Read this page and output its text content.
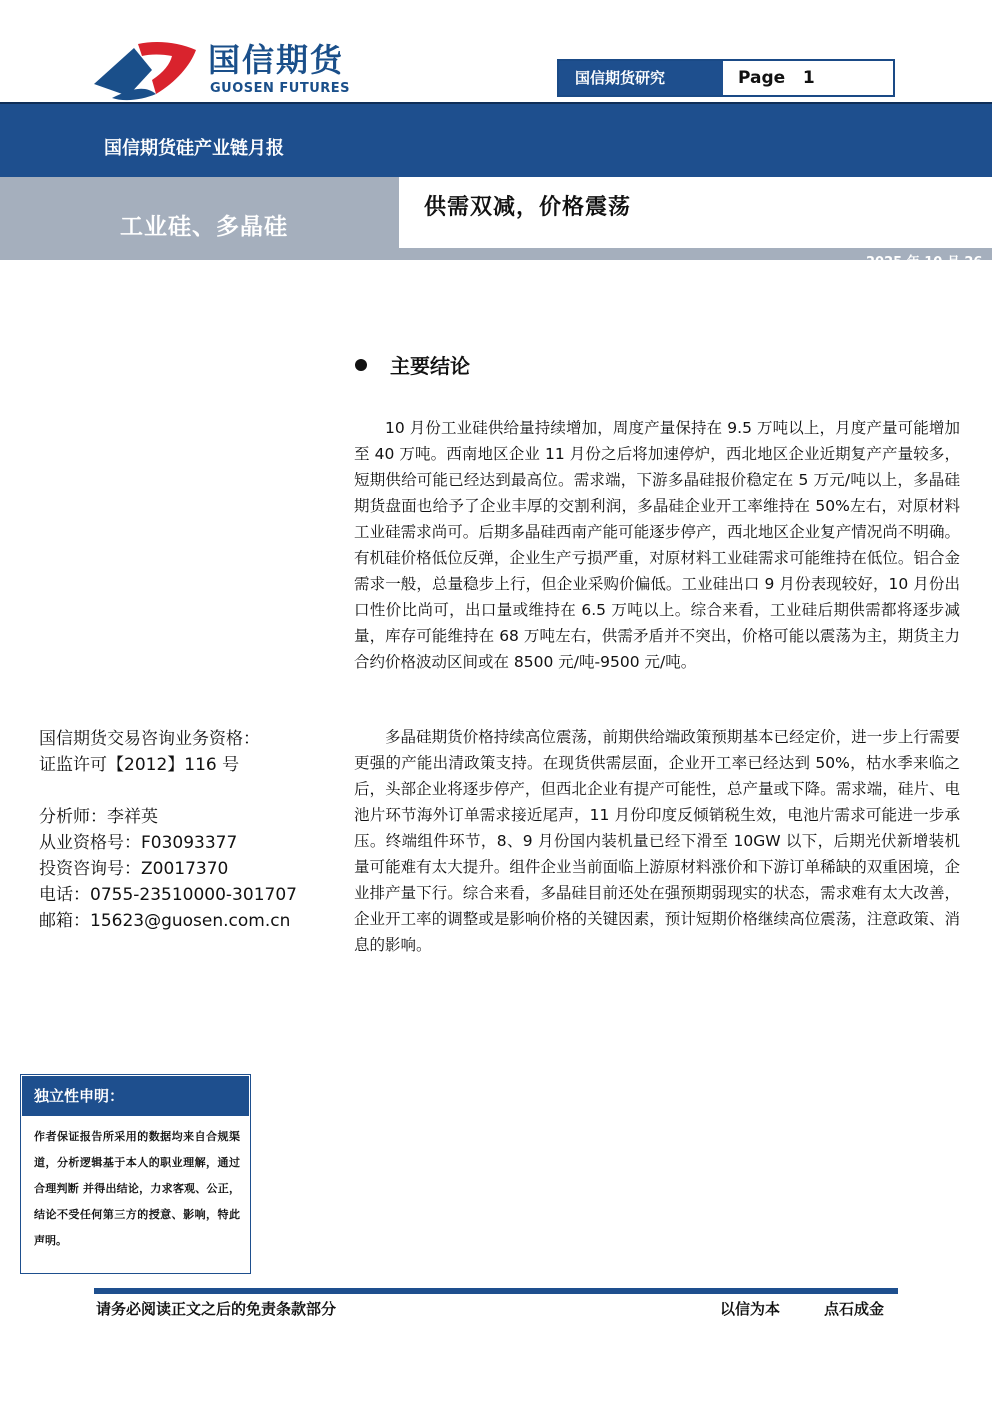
国信期货
GUOSEN FUTURES
国信期货研究	Page   1
国信期货硅产业链月报
工业硅、多晶硅
供需双减，价格震荡
2025 年 10 月 26 日
主要结论

10 月份工业硅供给量持续增加，周度产量保持在 9.5 万吨以上，月度产量可能增加至 40 万吨。西南地区企业 11 月份之后将加速停炉，西北地区企业近期复产产量较多，短期供给可能已经达到最高位。需求端，下游多晶硅报价稳定在 5 万元/吨以上，多晶硅期货盘面也给予了企业丰厚的交割利润，多晶硅企业开工率维持在 50%左右，对原材料工业硅需求尚可。后期多晶硅西南产能可能逐步停产，西北地区企业复产情况尚不明确。有机硅价格低位反弹，企业生产亏损严重，对原材料工业硅需求可能维持在低位。铝合金需求一般，总量稳步上行，但企业采购价偏低。工业硅出口 9 月份表现较好，10 月份出口性价比尚可，出口量或维持在 6.5 万吨以上。综合来看，工业硅后期供需都将逐步减量，库存可能维持在 68 万吨左右，供需矛盾并不突出，价格可能以震荡为主，期货主力合约价格波动区间或在 8500 元/吨-9500 元/吨。

多晶硅期货价格持续高位震荡，前期供给端政策预期基本已经定价，进一步上行需要更强的产能出清政策支持。在现货供需层面，企业开工率已经达到 50%，枯水季来临之后，头部企业将逐步停产，但西北企业有提产可能性，总产量或下降。需求端，硅片、电池片环节海外订单需求接近尾声，11 月份印度反倾销税生效，电池片需求可能进一步承压。终端组件环节，8、9 月份国内装机量已经下滑至 10GW 以下，后期光伏新增装机量可能难有太大提升。组件企业当前面临上游原材料涨价和下游订单稀缺的双重困境，企业排产量下行。综合来看，多晶硅目前还处在强预期弱现实的状态，需求难有太大改善，企业开工率的调整或是影响价格的关键因素，预计短期价格继续高位震荡，注意政策、消息的影响。

国信期货交易咨询业务资格：
证监许可【2012】116 号
分析师：李祥英
从业资格号：F03093377
投资咨询号：Z0017370
电话：0755-23510000-301707
邮箱：15623@guosen.com.cn
独立性申明：

作者保证报告所采用的数据均来自合规渠道，分析逻辑基于本人的职业理解，通过合理判断 并得出结论，力求客观、公正，结论不受任何第三方的授意、影响，特此声明。

请务必阅读正文之后的免责条款部分	以信为本	点石成金
